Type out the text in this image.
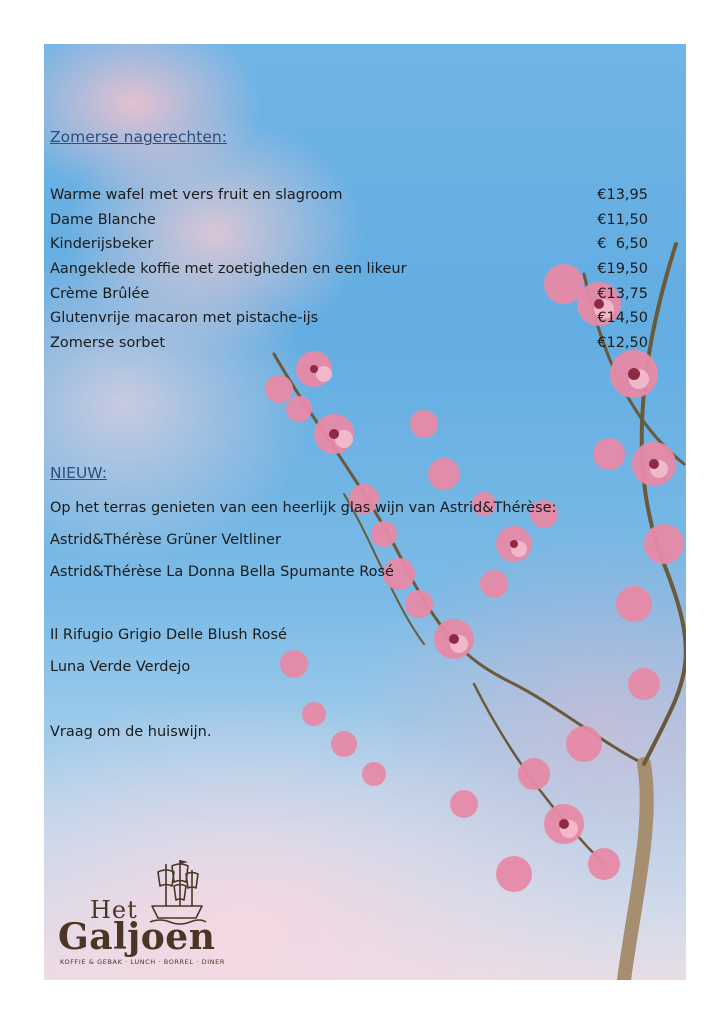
Zomerse nagerechten:
Warme wafel met vers fruit en slagroom	€13,95
Dame Blanche	€11,50
Kinderijsbeker	€  6,50
Aangeklede koffie met zoetigheden en een likeur	€19,50
Crème Brûlée	€13,75
Glutenvrije macaron met pistache-ijs	€14,50
Zomerse sorbet	€12,50
NIEUW:
Op het terras genieten van een heerlijk glas wijn van Astrid&Thérèse:
Astrid&Thérèse Grüner Veltliner
Astrid&Thérèse La Donna Bella Spumante Rosé
Il Rifugio Grigio Delle Blush Rosé
Luna Verde Verdejo
Vraag om de huiswijn.
Het
Galjoen
KOFFIE & GEBAK · LUNCH · BORREL · DINER
